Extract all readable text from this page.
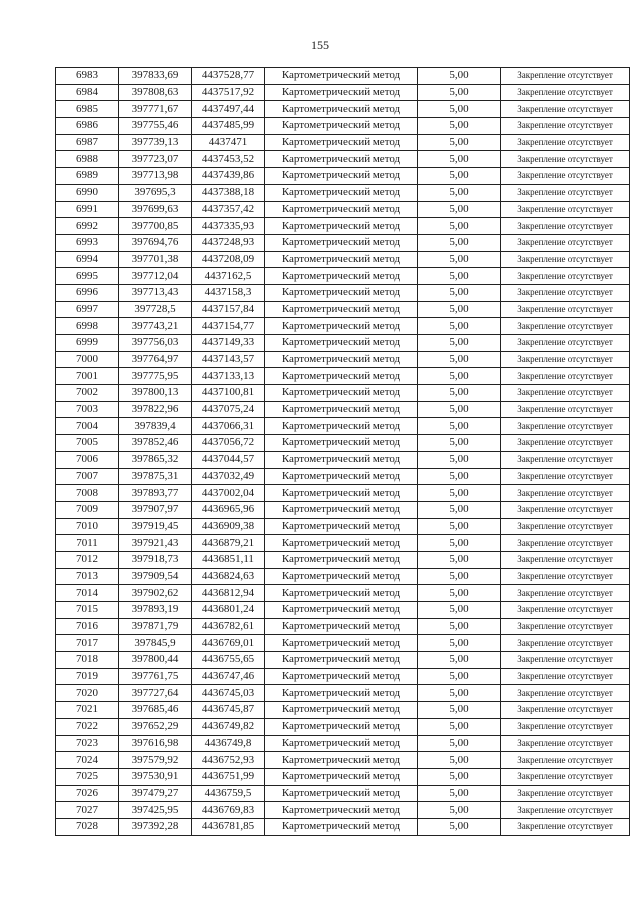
155
6983	397833,69	4437528,77	Картометрический метод	5,00	Закрепление отсутствует
6984	397808,63	4437517,92	Картометрический метод	5,00	Закрепление отсутствует
6985	397771,67	4437497,44	Картометрический метод	5,00	Закрепление отсутствует
6986	397755,46	4437485,99	Картометрический метод	5,00	Закрепление отсутствует
6987	397739,13	4437471	Картометрический метод	5,00	Закрепление отсутствует
6988	397723,07	4437453,52	Картометрический метод	5,00	Закрепление отсутствует
6989	397713,98	4437439,86	Картометрический метод	5,00	Закрепление отсутствует
6990	397695,3	4437388,18	Картометрический метод	5,00	Закрепление отсутствует
6991	397699,63	4437357,42	Картометрический метод	5,00	Закрепление отсутствует
6992	397700,85	4437335,93	Картометрический метод	5,00	Закрепление отсутствует
6993	397694,76	4437248,93	Картометрический метод	5,00	Закрепление отсутствует
6994	397701,38	4437208,09	Картометрический метод	5,00	Закрепление отсутствует
6995	397712,04	4437162,5	Картометрический метод	5,00	Закрепление отсутствует
6996	397713,43	4437158,3	Картометрический метод	5,00	Закрепление отсутствует
6997	397728,5	4437157,84	Картометрический метод	5,00	Закрепление отсутствует
6998	397743,21	4437154,77	Картометрический метод	5,00	Закрепление отсутствует
6999	397756,03	4437149,33	Картометрический метод	5,00	Закрепление отсутствует
7000	397764,97	4437143,57	Картометрический метод	5,00	Закрепление отсутствует
7001	397775,95	4437133,13	Картометрический метод	5,00	Закрепление отсутствует
7002	397800,13	4437100,81	Картометрический метод	5,00	Закрепление отсутствует
7003	397822,96	4437075,24	Картометрический метод	5,00	Закрепление отсутствует
7004	397839,4	4437066,31	Картометрический метод	5,00	Закрепление отсутствует
7005	397852,46	4437056,72	Картометрический метод	5,00	Закрепление отсутствует
7006	397865,32	4437044,57	Картометрический метод	5,00	Закрепление отсутствует
7007	397875,31	4437032,49	Картометрический метод	5,00	Закрепление отсутствует
7008	397893,77	4437002,04	Картометрический метод	5,00	Закрепление отсутствует
7009	397907,97	4436965,96	Картометрический метод	5,00	Закрепление отсутствует
7010	397919,45	4436909,38	Картометрический метод	5,00	Закрепление отсутствует
7011	397921,43	4436879,21	Картометрический метод	5,00	Закрепление отсутствует
7012	397918,73	4436851,11	Картометрический метод	5,00	Закрепление отсутствует
7013	397909,54	4436824,63	Картометрический метод	5,00	Закрепление отсутствует
7014	397902,62	4436812,94	Картометрический метод	5,00	Закрепление отсутствует
7015	397893,19	4436801,24	Картометрический метод	5,00	Закрепление отсутствует
7016	397871,79	4436782,61	Картометрический метод	5,00	Закрепление отсутствует
7017	397845,9	4436769,01	Картометрический метод	5,00	Закрепление отсутствует
7018	397800,44	4436755,65	Картометрический метод	5,00	Закрепление отсутствует
7019	397761,75	4436747,46	Картометрический метод	5,00	Закрепление отсутствует
7020	397727,64	4436745,03	Картометрический метод	5,00	Закрепление отсутствует
7021	397685,46	4436745,87	Картометрический метод	5,00	Закрепление отсутствует
7022	397652,29	4436749,82	Картометрический метод	5,00	Закрепление отсутствует
7023	397616,98	4436749,8	Картометрический метод	5,00	Закрепление отсутствует
7024	397579,92	4436752,93	Картометрический метод	5,00	Закрепление отсутствует
7025	397530,91	4436751,99	Картометрический метод	5,00	Закрепление отсутствует
7026	397479,27	4436759,5	Картометрический метод	5,00	Закрепление отсутствует
7027	397425,95	4436769,83	Картометрический метод	5,00	Закрепление отсутствует
7028	397392,28	4436781,85	Картометрический метод	5,00	Закрепление отсутствует
